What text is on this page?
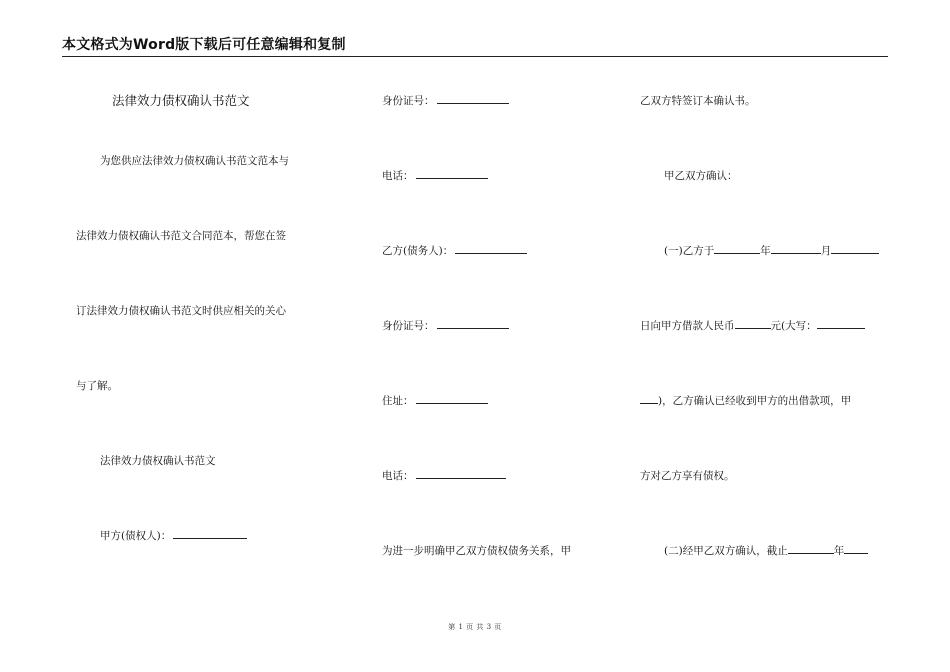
本文格式为Word版下载后可任意编辑和复制
法律效力债权确认书范文
为您供应法律效力债权确认书范文范本与
法律效力债权确认书范文合同范本，帮您在签
订法律效力债权确认书范文时供应相关的关心
与了解。
法律效力债权确认书范文
甲方(债权人)：
身份证号：
电话：
乙方(债务人)：
身份证号：
住址：
电话：
为进一步明确甲乙双方债权债务关系，甲
乙双方特签订本确认书。
甲乙双方确认：
(一)乙方于	年	月
日向甲方借款人民币	元(大写：
)，乙方确认已经收到甲方的出借款项，甲
方对乙方享有债权。
(二)经甲乙双方确认，截止	年
第 1 页 共 3 页
